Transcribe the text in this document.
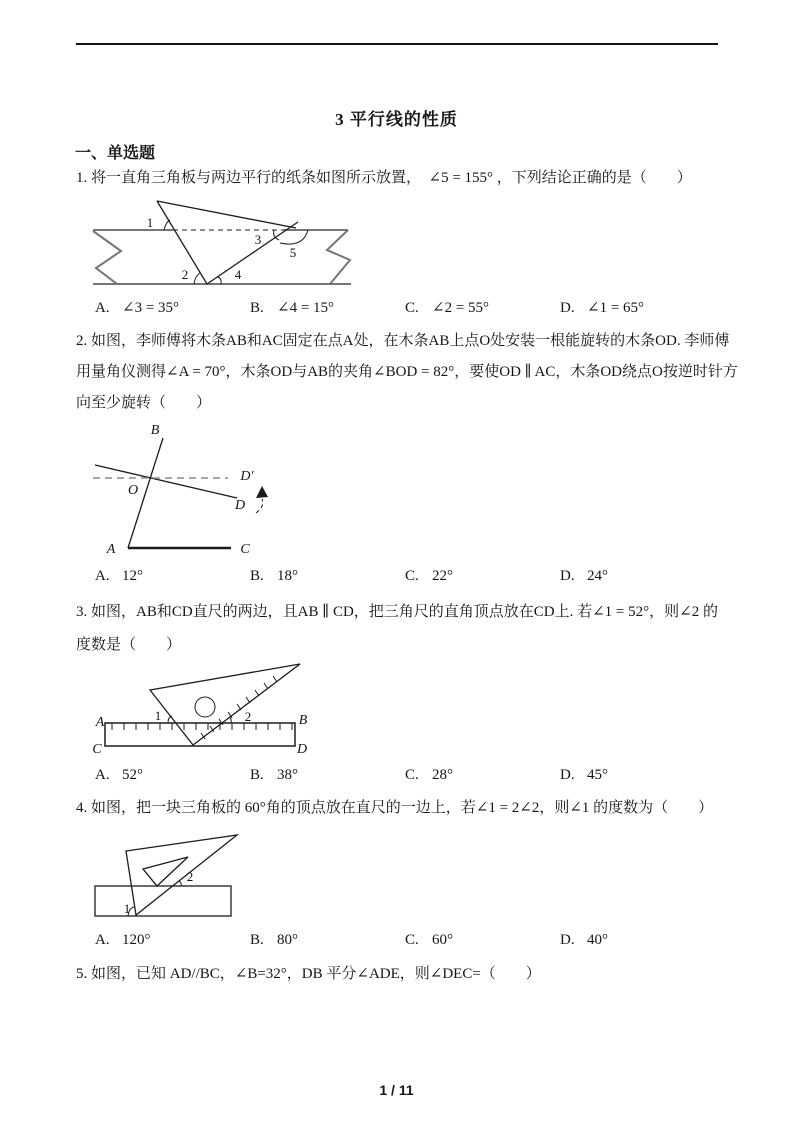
3 平行线的性质
一、单选题
1. 将一直角三角板与两边平行的纸条如图所示放置，  ∠5 = 155° ，下列结论正确的是（　　）
1
2
3
4
5
A. ∠3 = 35°	B. ∠4 = 15°	C. ∠2 = 55°	D. ∠1 = 65°
2. 如图，李师傅将木条AB和AC固定在点A处，在木条AB上点O处安装一根能旋转的木条OD. 李师傅
用量角仪测得∠A = 70°，木条OD与AB的夹角∠BOD = 82°，要使OD ∥ AC，木条OD绕点O按逆时针方
向至少旋转（　　）
B
O
D′
D
A	C
A. 12°	B. 18°	C. 22°	D. 24°
3. 如图，AB和CD直尺的两边，且AB ∥ CD，把三角尺的直角顶点放在CD上. 若∠1 = 52°，则∠2 的
度数是（　　）
1	2
A	B
C	D
A. 52°	B. 38°	C. 28°	D. 45°
4. 如图，把一块三角板的 60°角的顶点放在直尺的一边上，若∠1 = 2∠2，则∠1 的度数为（　　）
1
2
A. 120°	B. 80°	C. 60°	D. 40°
5. 如图，已知 AD//BC，∠B=32°，DB 平分∠ADE，则∠DEC=（　　）
1 / 11
